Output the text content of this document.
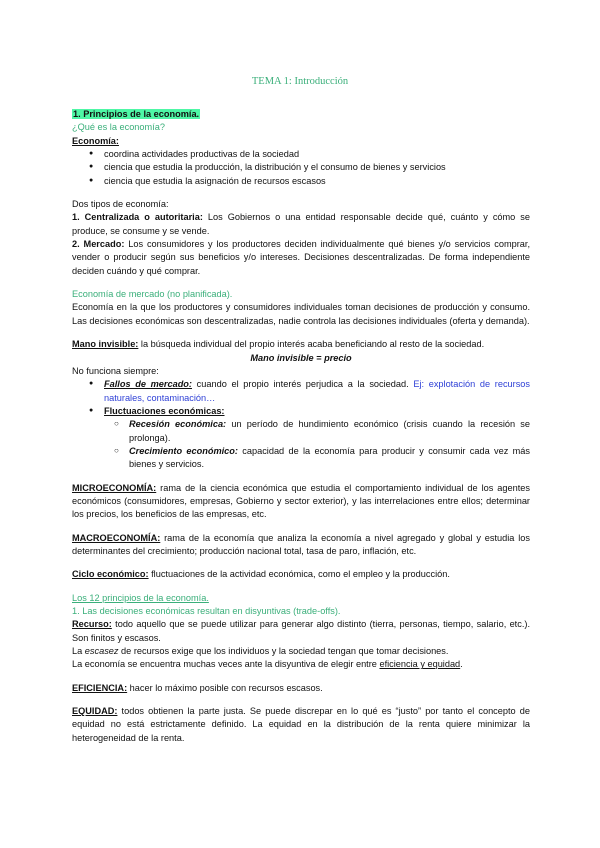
TEMA 1: Introducción

1. Principios de la economía.

¿Qué es la economía?

Economía:

● coordina actividades productivas de la sociedad
● ciencia que estudia la producción, la distribución y el consumo de bienes y servicios
● ciencia que estudia la asignación de recursos escasos

Dos tipos de economía:

1. Centralizada o autoritaria: Los Gobiernos o una entidad responsable decide qué, cuánto y cómo se produce, se consume y se vende.

2. Mercado: Los consumidores y los productores deciden individualmente qué bienes y/o servicios comprar, vender o producir según sus beneficios y/o intereses. Decisiones descentralizadas. De forma independiente deciden cuándo y qué comprar.

Economía de mercado (no planificada).

Economía en la que los productores y consumidores individuales toman decisiones de producción y consumo. Las decisiones económicas son descentralizadas, nadie controla las decisiones individuales (oferta y demanda).

Mano invisible: la búsqueda individual del propio interés acaba beneficiando al resto de la sociedad.

Mano invisible = precio

No funciona siempre:

● Fallos de mercado: cuando el propio interés perjudica a la sociedad. Ej: explotación de recursos naturales, contaminación…
● Fluctuaciones económicas:
○ Recesión económica: un período de hundimiento económico (crisis cuando la recesión se prolonga).
○ Crecimiento económico: capacidad de la economía para producir y consumir cada vez más bienes y servicios.

MICROECONOMÍA: rama de la ciencia económica que estudia el comportamiento individual de los agentes económicos (consumidores, empresas, Gobierno y sector exterior), y las interrelaciones entre ellos; determinar los precios, los beneficios de las empresas, etc.

MACROECONOMÍA: rama de la economía que analiza la economía a nivel agregado y global y estudia los determinantes del crecimiento; producción nacional total, tasa de paro, inflación, etc.

Ciclo económico: fluctuaciones de la actividad económica, como el empleo y la producción.

Los 12 principios de la economía.

1. Las decisiones económicas resultan en disyuntivas (trade-offs).

Recurso: todo aquello que se puede utilizar para generar algo distinto (tierra, personas, tiempo, salario, etc.). Son finitos y escasos.

La escasez de recursos exige que los individuos y la sociedad tengan que tomar decisiones.

La economía se encuentra muchas veces ante la disyuntiva de elegir entre eficiencia y equidad.

EFICIENCIA: hacer lo máximo posible con recursos escasos.

EQUIDAD: todos obtienen la parte justa. Se puede discrepar en lo qué es “justo” por tanto el concepto de equidad no está estrictamente definido. La equidad en la distribución de la renta quiere minimizar la heterogeneidad de la renta.
